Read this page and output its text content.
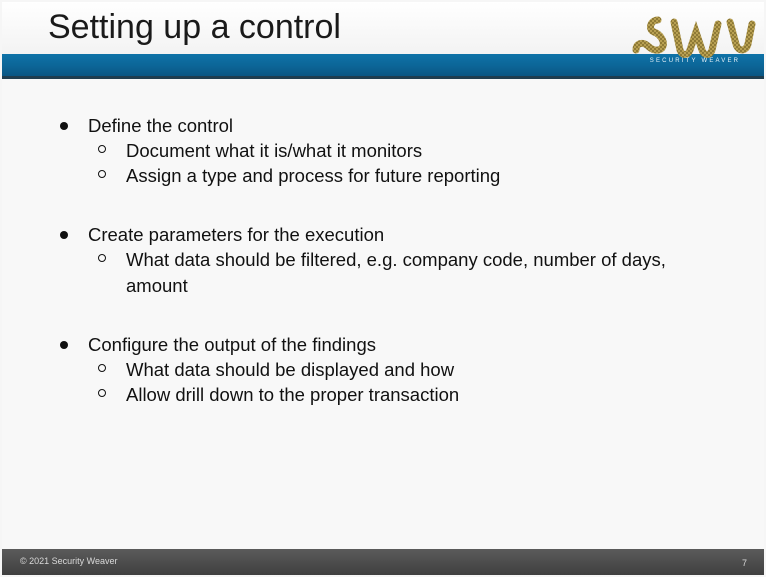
Setting up a control
SECURITY WEAVER
Define the control
Document what it is/what it monitors
Assign a type and process for future reporting
Create parameters for the execution
What data should be filtered, e.g. company code, number of days, amount
Configure the output of the findings
What data should be displayed and how
Allow drill down to the proper transaction
© 2021 Security Weaver	7
